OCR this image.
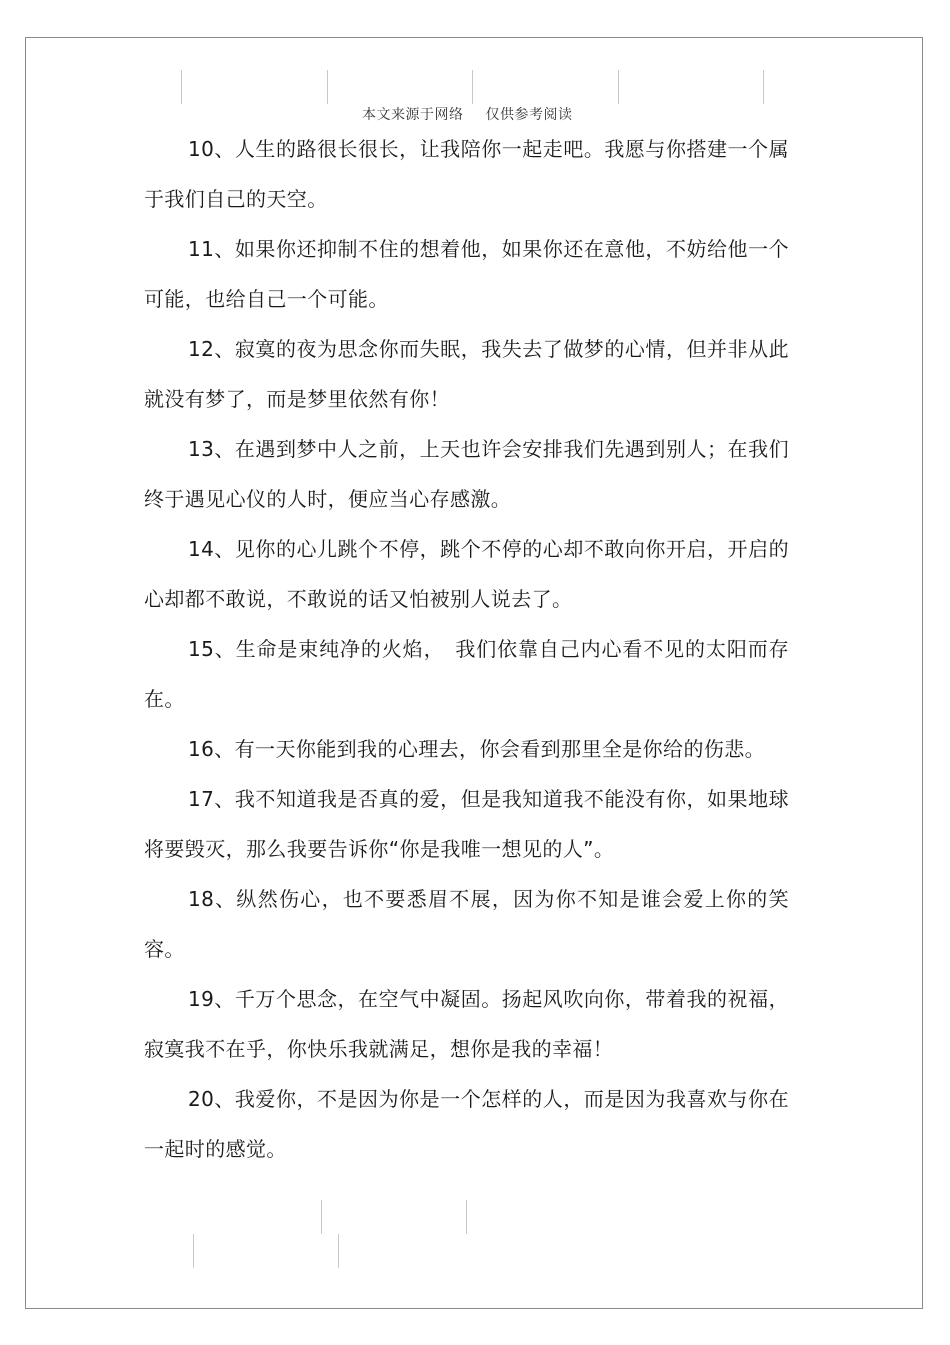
本文来源于网络 仅供参考阅读

10、人生的路很长很长，让我陪你一起走吧。我愿与你搭建一个属于我们自己的天空。

11、如果你还抑制不住的想着他，如果你还在意他，不妨给他一个可能，也给自己一个可能。

12、寂寞的夜为思念你而失眠，我失去了做梦的心情，但并非从此就没有梦了，而是梦里依然有你！

13、在遇到梦中人之前，上天也许会安排我们先遇到别人；在我们终于遇见心仪的人时，便应当心存感激。

14、见你的心儿跳个不停，跳个不停的心却不敢向你开启，开启的心却都不敢说，不敢说的话又怕被别人说去了。

15、生命是束纯净的火焰，　我们依靠自己内心看不见的太阳而存在。

16、有一天你能到我的心理去，你会看到那里全是你给的伤悲。

17、我不知道我是否真的爱，但是我知道我不能没有你，如果地球将要毁灭，那么我要告诉你“你是我唯一想见的人”。

18、纵然伤心，也不要悉眉不展，因为你不知是谁会爱上你的笑容。

19、千万个思念，在空气中凝固。扬起风吹向你，带着我的祝福，寂寞我不在乎，你快乐我就满足，想你是我的幸福！

20、我爱你，不是因为你是一个怎样的人，而是因为我喜欢与你在一起时的感觉。
